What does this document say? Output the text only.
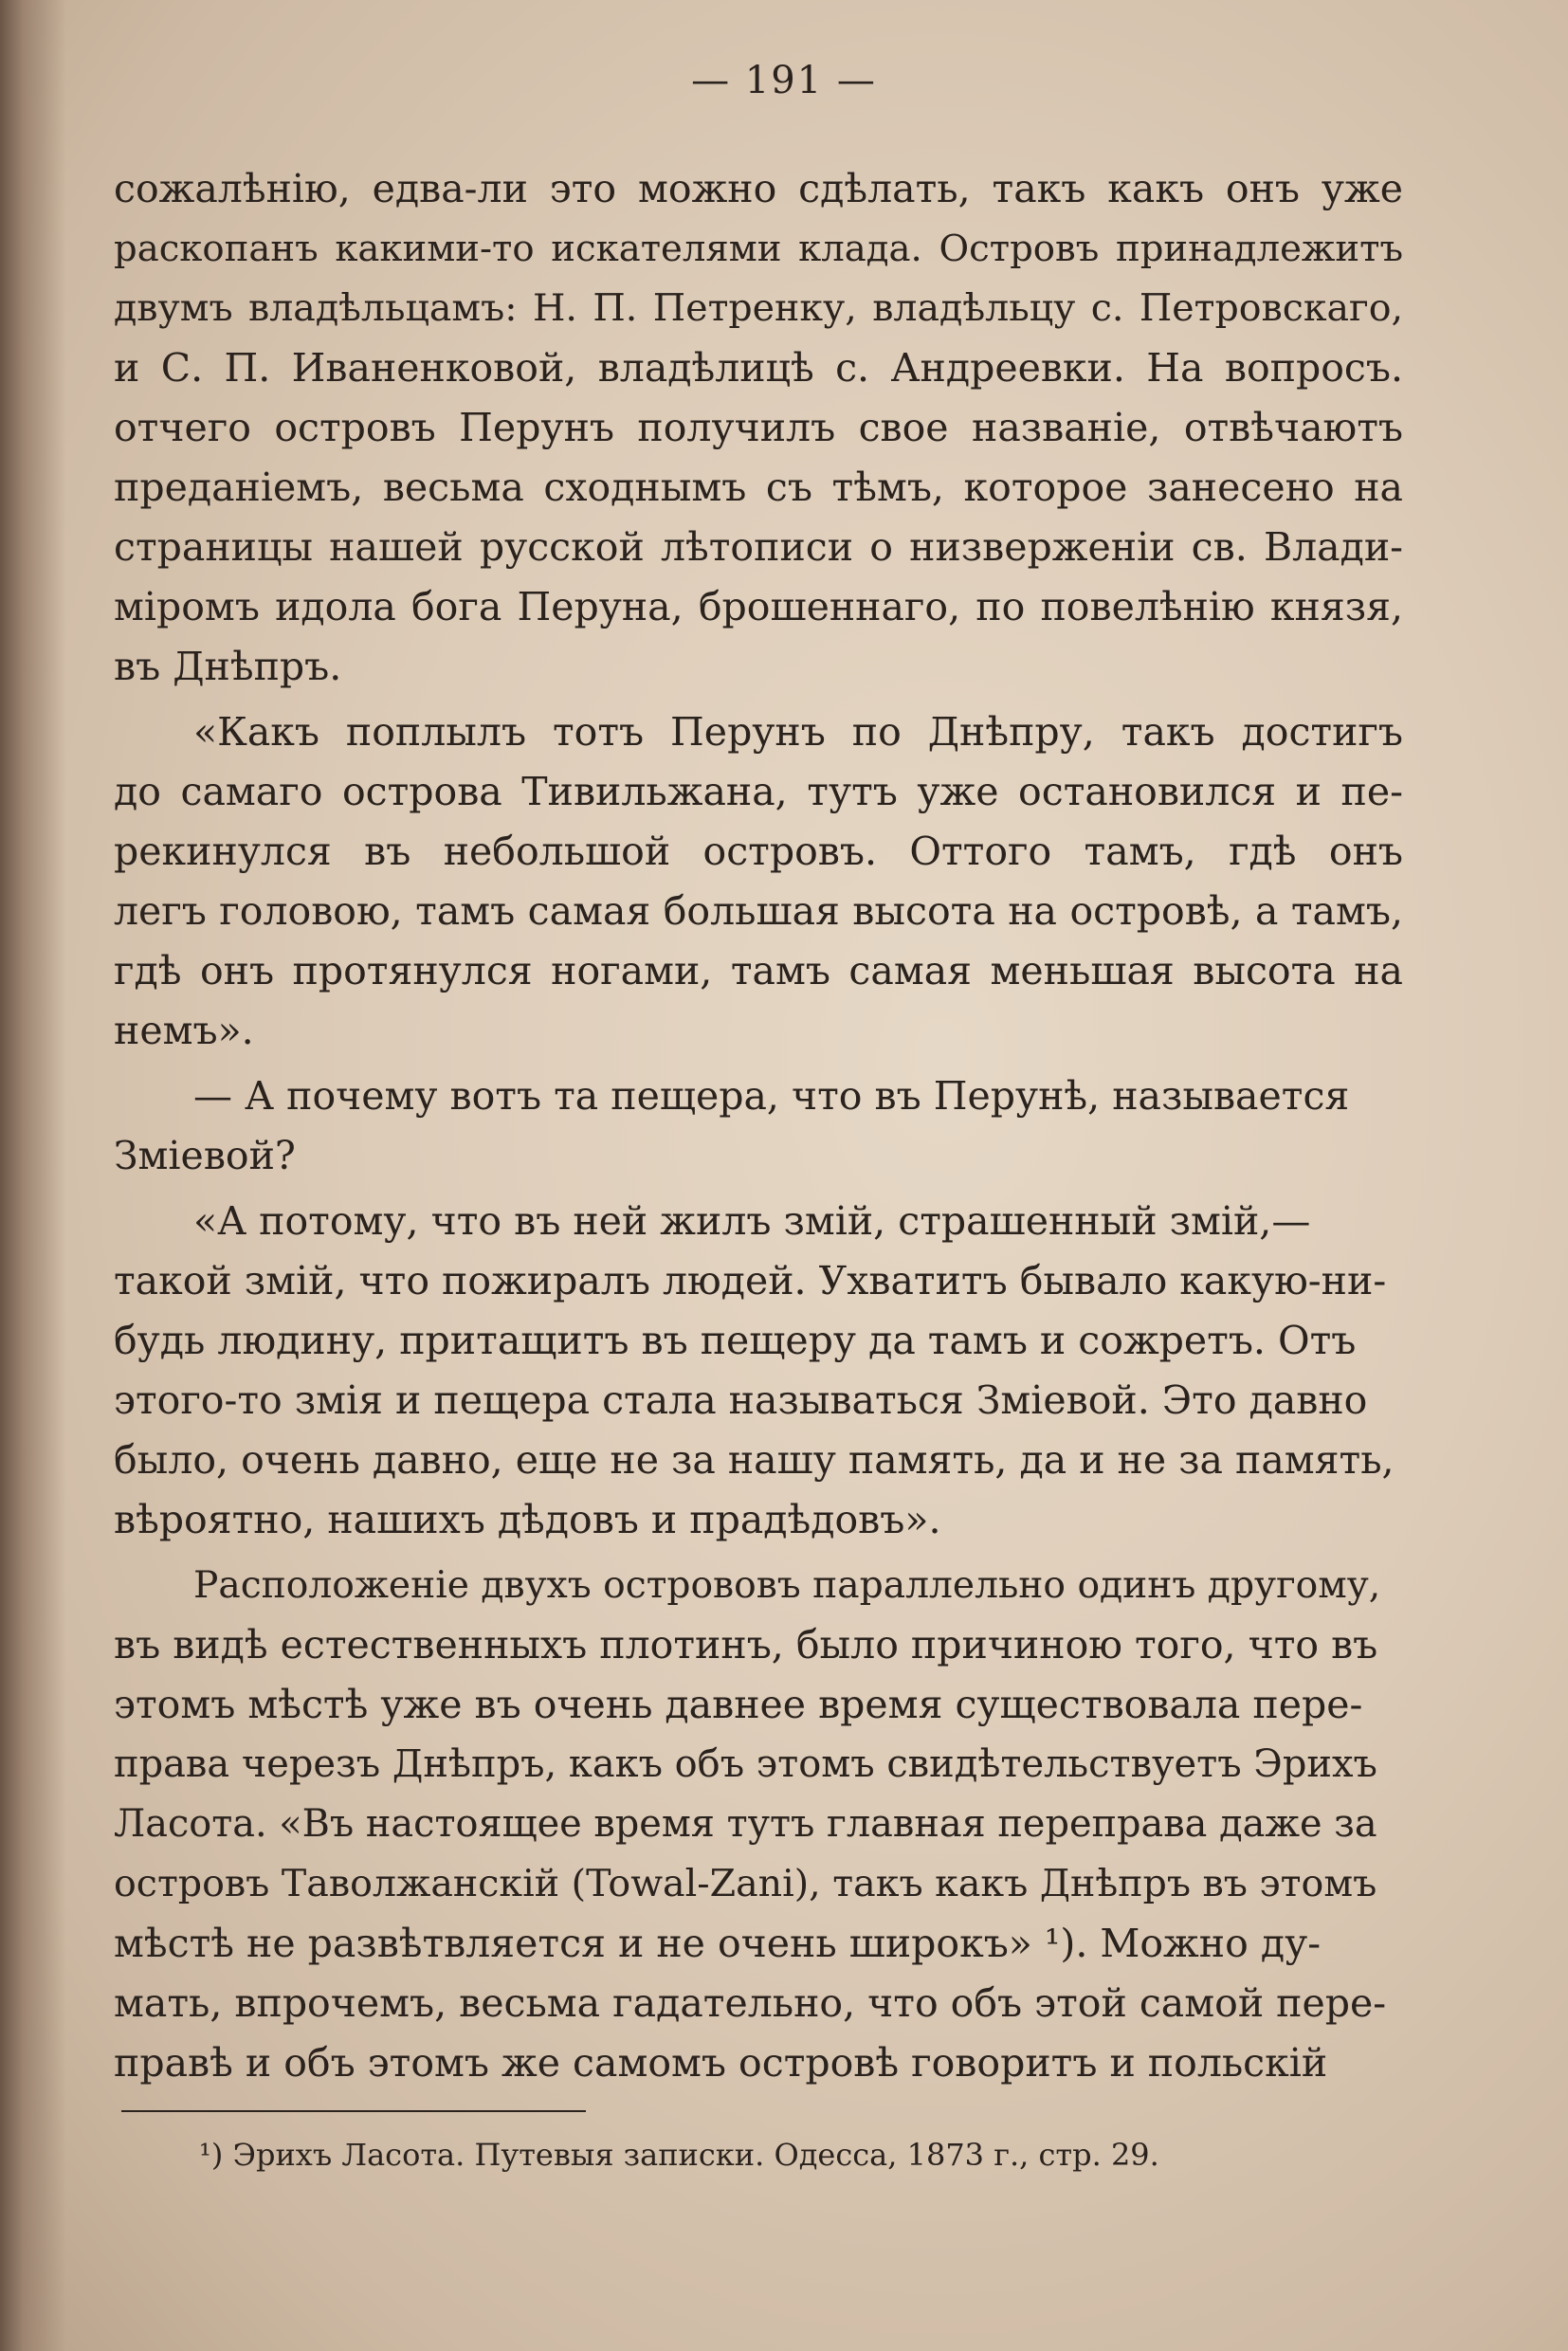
— 191 —
сожалѣнію, едва-ли это можно сдѣлать, такъ какъ онъ уже
раскопанъ какими-то искателями клада. Островъ принадлежитъ
двумъ владѣльцамъ: Н. П. Петренку, владѣльцу с. Петровскаго,
и С. П. Иваненковой, владѣлицѣ с. Андреевки. На вопросъ.
отчего островъ Перунъ получилъ свое названіе, отвѣчаютъ
преданіемъ, весьма сходнымъ съ тѣмъ, которое занесено на
страницы нашей русской лѣтописи о низверженіи св. Влади-
міромъ идола бога Перуна, брошеннаго, по повелѣнію князя,
въ Днѣпръ.
«Какъ поплылъ тотъ Перунъ по Днѣпру, такъ достигъ
до самаго острова Тивильжана, тутъ уже остановился и пе-
рекинулся въ небольшой островъ. Оттого тамъ, гдѣ онъ
легъ головою, тамъ самая большая высота на островѣ, а тамъ,
гдѣ онъ протянулся ногами, тамъ самая меньшая высота на
немъ».
— А почему вотъ та пещера, что въ Перунѣ, называется
Зміевой?
«А потому, что въ ней жилъ змій, страшенный змій,—
такой змій, что пожиралъ людей. Ухватитъ бывало какую-ни-
будь людину, притащитъ въ пещеру да тамъ и сожретъ. Отъ
этого-то змія и пещера стала называться Зміевой. Это давно
было, очень давно, еще не за нашу память, да и не за память,
вѣроятно, нашихъ дѣдовъ и прадѣдовъ».
Расположеніе двухъ острововъ параллельно одинъ другому,
въ видѣ естественныхъ плотинъ, было причиною того, что въ
этомъ мѣстѣ уже въ очень давнее время существовала пере-
права черезъ Днѣпръ, какъ объ этомъ свидѣтельствуетъ Эрихъ
Ласота. «Въ настоящее время тутъ главная переправа даже за
островъ Таволжанскій (Towal-Zani), такъ какъ Днѣпръ въ этомъ
мѣстѣ не развѣтвляется и не очень широкъ» ¹). Можно ду-
мать, впрочемъ, весьма гадательно, что объ этой самой пере-
правѣ и объ этомъ же самомъ островѣ говоритъ и польскій
¹) Эрихъ Ласота. Путевыя записки. Одесса, 1873 г., стр. 29.
